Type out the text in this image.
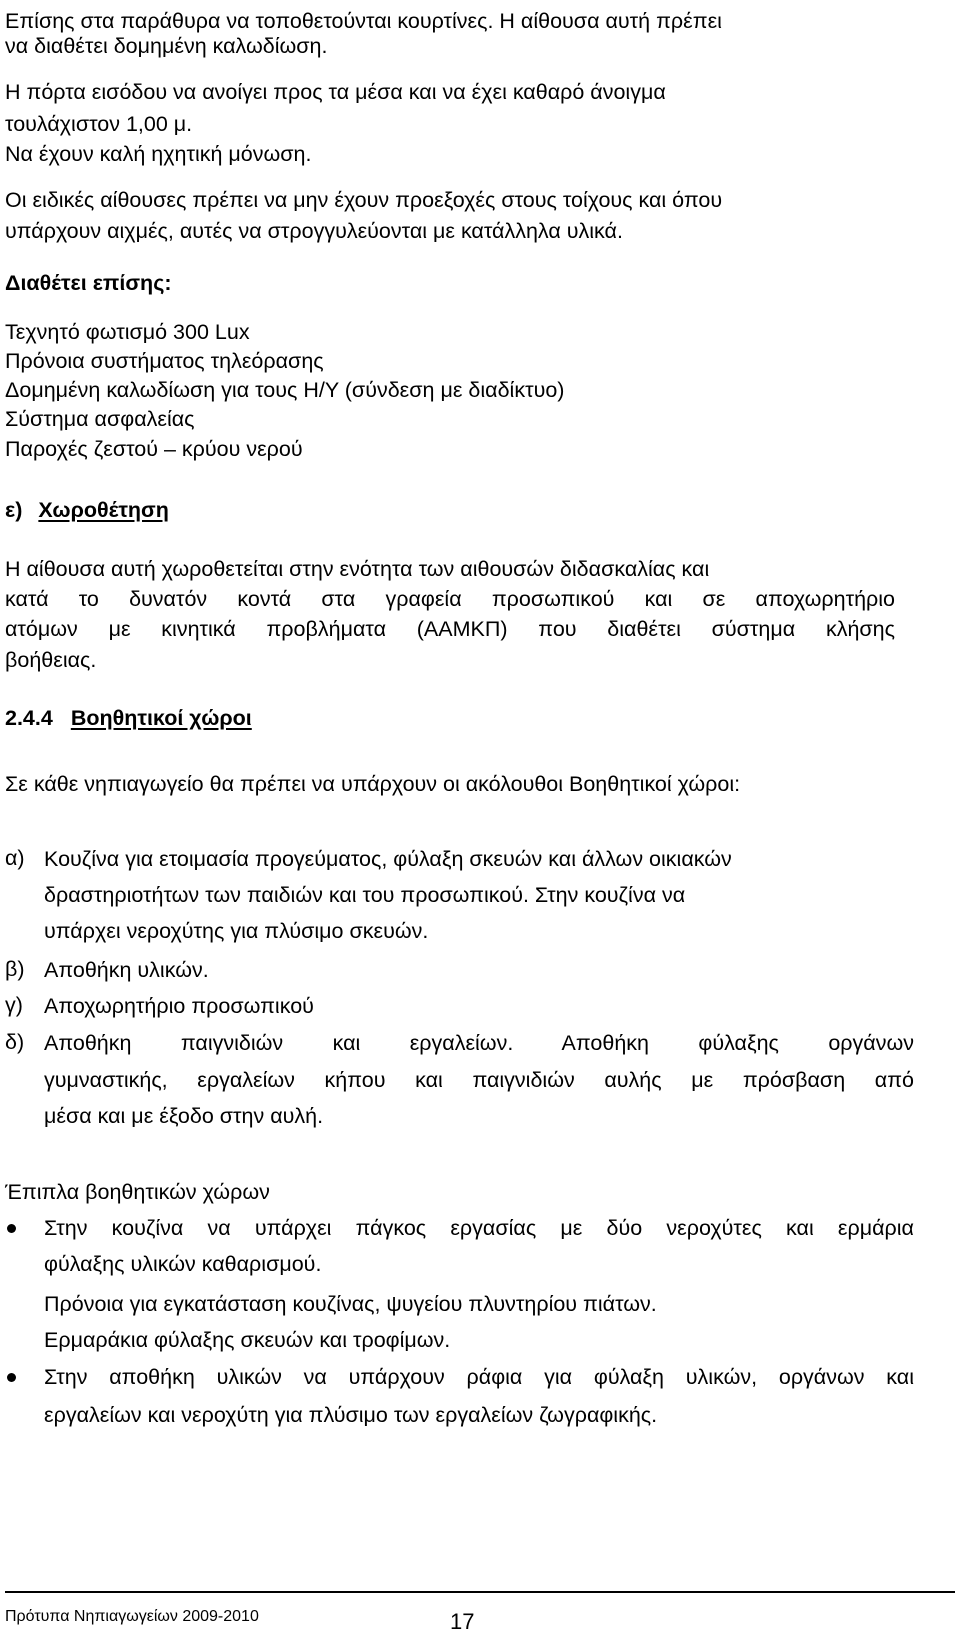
Επίσης στα παράθυρα να τοποθετούνται κουρτίνες. Η αίθουσα αυτή πρέπει
να διαθέτει δομημένη καλωδίωση.
Η πόρτα εισόδου να ανοίγει προς τα μέσα και να έχει καθαρό άνοιγμα
τουλάχιστον 1,00 μ.
Να έχουν καλή ηχητική μόνωση.
Οι ειδικές αίθουσες πρέπει να μην έχουν προεξοχές στους τοίχους και όπου
υπάρχουν αιχμές, αυτές να στρογγυλεύονται με κατάλληλα υλικά.
Διαθέτει επίσης:
Τεχνητό φωτισμό 300 Lux
Πρόνοια συστήματος τηλεόρασης
Δομημένη καλωδίωση για τους Η/Υ (σύνδεση με διαδίκτυο)
Σύστημα ασφαλείας
Παροχές ζεστού – κρύου νερού
ε) Χωροθέτηση
Η αίθουσα αυτή χωροθετείται στην ενότητα των αιθουσών διδασκαλίας και
κατά το δυνατόν κοντά στα γραφεία προσωπικού και σε αποχωρητήριο
ατόμων με κινητικά προβλήματα (ΑΑΜΚΠ) που διαθέτει σύστημα κλήσης
βοήθειας.
2.4.4 Βοηθητικοί χώροι
Σε κάθε νηπιαγωγείο θα πρέπει να υπάρχουν οι ακόλουθοι Βοηθητικοί χώροι:
α) Κουζίνα για ετοιμασία προγεύματος, φύλαξη σκευών και άλλων οικιακών
δραστηριοτήτων των παιδιών και του προσωπικού. Στην κουζίνα να
υπάρχει νεροχύτης για πλύσιμο σκευών.
β) Αποθήκη υλικών.
γ) Αποχωρητήριο προσωπικού
δ) Αποθήκη παιγνιδιών και εργαλείων. Αποθήκη φύλαξης οργάνων
γυμναστικής, εργαλείων κήπου και παιγνιδιών αυλής με πρόσβαση από
μέσα και με έξοδο στην αυλή.
Έπιπλα βοηθητικών χώρων
Στην κουζίνα να υπάρχει πάγκος εργασίας με δύο νεροχύτες και ερμάρια
φύλαξης υλικών καθαρισμού.
Πρόνοια για εγκατάσταση κουζίνας, ψυγείου πλυντηρίου πιάτων.
Ερμαράκια φύλαξης σκευών και τροφίμων.
Στην αποθήκη υλικών να υπάρχουν ράφια για φύλαξη υλικών, οργάνων και
εργαλείων και νεροχύτη για πλύσιμο των εργαλείων ζωγραφικής.
Πρότυπα Νηπιαγωγείων 2009-2010	17
